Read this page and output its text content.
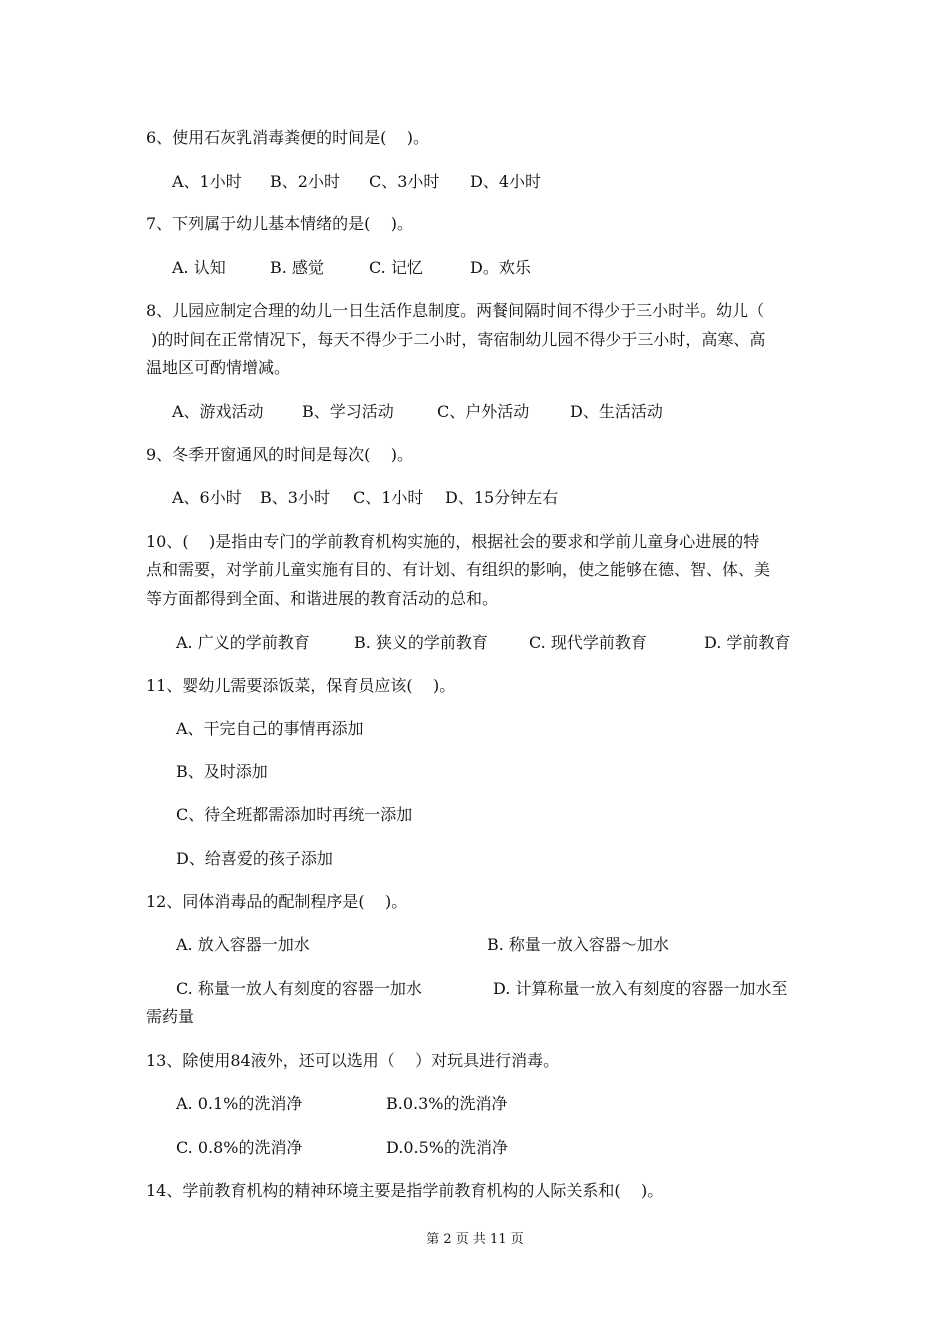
6、使用石灰乳消毒粪便的时间是(    )。
A、1小时 B、2小时 C、3小时 D、4小时
7、下列属于幼儿基本情绪的是(    )。
A. 认知	B. 感觉	C. 记忆	D。欢乐
8、儿园应制定合理的幼儿一日生活作息制度。两餐间隔时间不得少于三小时半。幼儿（
)的时间在正常情况下，每天不得少于二小时，寄宿制幼儿园不得少于三小时，高寒、高
温地区可酌情增减。
A、游戏活动 B、学习活动	C、户外活动	D、生活活动
9、冬季开窗通风的时间是每次(    )。
A、6小时 B、3小时 C、1小时 D、15分钟左右
10、(    )是指由专门的学前教育机构实施的，根据社会的要求和学前儿童身心进展的特
点和需要，对学前儿童实施有目的、有计划、有组织的影响，使之能够在德、智、体、美
等方面都得到全面、和谐进展的教育活动的总和。
A. 广义的学前教育	B. 狭义的学前教育	C. 现代学前教育	D. 学前教育
11、婴幼儿需要添饭菜，保育员应该(    )。
A、干完自己的事情再添加
B、及时添加
C、待全班都需添加时再统一添加
D、给喜爱的孩子添加
12、同体消毒品的配制程序是(    )。
A. 放入容器一加水	B. 称量一放入容器～加水
C. 称量一放人有刻度的容器一加水	D. 计算称量一放入有刻度的容器一加水至
需药量
13、除使用84液外，还可以选用（    ）对玩具进行消毒。
A. 0.1%的洗消净	B.0.3%的洗消净
C. 0.8%的洗消净	D.0.5%的洗消净
14、学前教育机构的精神环境主要是指学前教育机构的人际关系和(    )。
第 2 页 共 11 页
